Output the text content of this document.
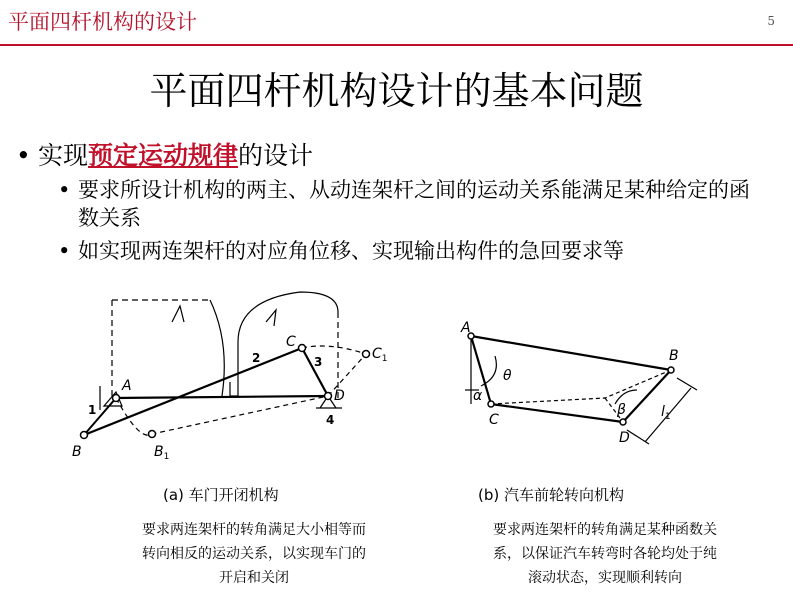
平面四杆机构的设计	5
平面四杆机构设计的基本问题
• 实现预定运动规律的设计
• 要求所设计机构的两主、从动连架杆之间的运动关系能满足某种给定的函数关系
• 如实现两连架杆的对应角位移、实现输出构件的急回要求等
A
B	$B_1$
C
$C_1$
D
1
2	3
4
(a) 车门开闭机构
A
B
C
D
θ
α
β	$l_1$
(b) 汽车前轮转向机构
要求两连架杆的转角满足大小相等而
转向相反的运动关系，以实现车门的
开启和关闭
要求两连架杆的转角满足某种函数关
系，以保证汽车转弯时各轮均处于纯
滚动状态，实现顺利转向
